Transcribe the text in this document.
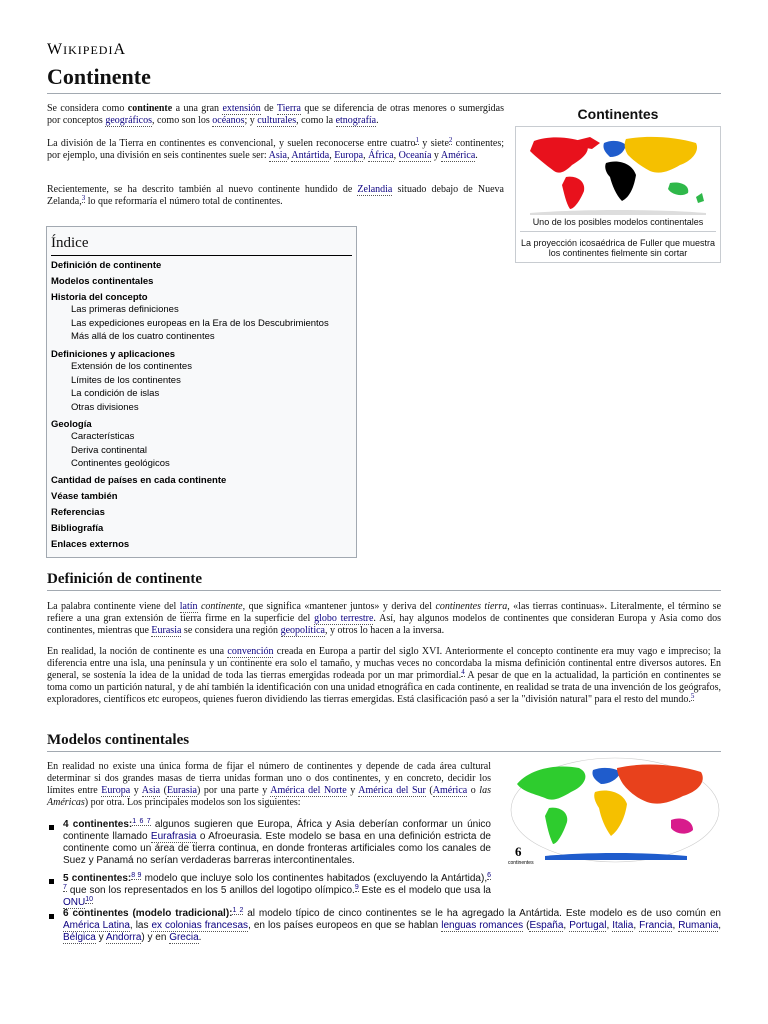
WIKIPEDIA
Continente

Se considera como continente a una gran extensión de Tierra que se diferencia de otras menores o sumergidas por conceptos geográficos, como son los océanos; y culturales, como la etnografía.

La división de la Tierra en continentes es convencional, y suelen reconocerse entre cuatro$^1$ y siete$^2$ continentes; por ejemplo, una división en seis continentes suele ser: Asia, Antártida, Europa, África, Oceanía y América.

Recientemente, se ha descrito también al nuevo continente hundido de Zelandia situado debajo de Nueva Zelanda,$^3$ lo que reformaría el número total de continentes.

Continentes
Uno de los posibles modelos continentales
La proyección icosaédrica de Fuller que muestra los continentes fielmente sin cortar
Índice
Definición de continente
Modelos continentales
Historia del concepto
Las primeras definiciones
Las expediciones europeas en la Era de los Descubrimientos
Más allá de los cuatro continentes
Definiciones y aplicaciones
Extensión de los continentes
Límites de los continentes
La condición de islas
Otras divisiones
Geología
Características
Deriva continental
Continentes geológicos
Cantidad de países en cada continente
Véase también
Referencias
Bibliografía
Enlaces externos
Definición de continente

La palabra continente viene del latín continente, que significa «mantener juntos» y deriva del continentes tierra, «las tierras continuas». Literalmente, el término se refiere a una gran extensión de tierra firme en la superficie del globo terrestre. Así, hay algunos modelos de continentes que consideran Europa y Asia como dos continentes, mientras que Eurasia se considera una región geopolítica, y otros lo hacen a la inversa.

En realidad, la noción de continente es una convención creada en Europa a partir del siglo XVI. Anteriormente el concepto continente era muy vago e impreciso; la diferencia entre una isla, una península y un continente era solo el tamaño, y muchas veces no concordaba la misma definición continental entre diversos autores. En general, se sostenía la idea de la unidad de toda las tierras emergidas rodeada por un mar primordial.$^4$ A pesar de que en la actualidad, la partición en continentes se toma como un partición natural, y de ahí también la identificación con una unidad etnográfica en cada continente, en realidad se trata de una invención de los geógrafos, exploradores, científicos etc europeos, quienes fueron dividiendo las tierras emergidas. Está clasificación pasó a ser la "división natural" para el resto del mundo.$^5$

Modelos continentales

En realidad no existe una única forma de fijar el número de continentes y depende de cada área cultural determinar si dos grandes masas de tierra unidas forman uno o dos continentes, y en concreto, decidir los límites entre Europa y Asia (Eurasia) por una parte y América del Norte y América del Sur (América o las Américas) por otra. Los principales modelos son los siguientes:

6
continentes
4 continentes:$^{1 6 7}$ algunos sugieren que Europa, África y Asia deberían conformar un único continente llamado Eurafrasia o Afroeurasia. Este modelo se basa en una definición estricta de continente como un área de tierra continua, en donde fronteras artificiales como los canales de Suez y Panamá no serían verdaderas barreras intercontinentales.
5 continentes:$^{8 9}$ modelo que incluye solo los continentes habitados (excluyendo la Antártida),$^{6 7}$ que son los representados en los 5 anillos del logotipo olímpico.$^9$ Este es el modelo que usa la ONU$^{10}$
6 continentes (modelo tradicional):$^{1 2}$ al modelo típico de cinco continentes se le ha agregado la Antártida. Este modelo es de uso común en América Latina, las ex colonias francesas, en los países europeos en que se hablan lenguas romances (España, Portugal, Italia, Francia, Rumania, Bélgica y Andorra) y en Grecia.
